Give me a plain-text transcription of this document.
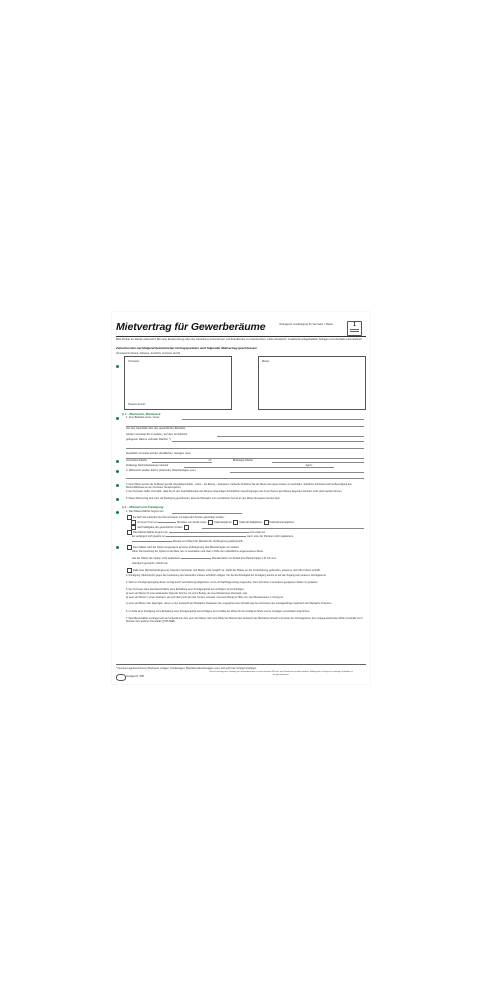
Mietvertrag für Gewerberäume	Vertrags-Nr. Ausfertigung für Vermieter / Mieter	1
Bitte Punkte am Rande ankreuzen! Bei einer Entsprechung oder eine Streichung vorzunehmen und Zutreffendes zu unterstreichen. Falls erforderlich, zusätzliche Anlagebelätter beifügen und ebenfalls unterzeichnen.
Zwischen den nachfolgend bezeichneten Vertragsparteien wird folgender Mietvertrag geschlossen:
Vermieter/in (Name, Adresse, Anschrift, vertreten durch)
Vermieter:
Steuernummer:
Mieter:
§ 1 – Mietsache, Mietzweck
1. Zum Betriebe einer / eines
(Art des Geschäfts oder des gewerblichen Betriebs)
werden vermietet die im Hause / auf dem Grundstück
gelegenen Räume und/oder Flächen *)
Zusätzlich vermietet werden (Freiflächen, Garagen usw.)
Vermietete Fläche	m²	Befestigte Fläche
Zulässige Deckenbelastung maximal	kg/m²
2. Mitbenutzt werden dürfen (Fahrstuhl, Waschanlagen usw.)
3. Dem Mieter werden die Schlüssel gemäß Übergabeprotokoll – sofort – bei Einzug – übergeben. Fehlende Schlüssel hat der Mieter auf eigene Kosten zu beschaffen. Sämtliche Schlüssel sind bei Beendigung des Mietverhältnisses an den Vermieter herauszugeben.
4. Der Vermieter haftet nicht dafür, dass die für den Geschäftsbetrieb des Mieters notwendigen behördlichen Genehmigungen aus in der Person des Mieters liegenden Gründen nicht erteilt werden können.
5. Dieser Mietvertrag wird unter der Bedingung geschlossen, dass die Mietsache zum vereinbarten Termin an den Mieter übergeben werden kann.
§ 2 – Mietzeit und Kündigung
1. Das Mietverhältnis beginnt am
Es läuft auf unbestimmte Zeit und kann mit folgenden Fristen gekündigt werden:
mit einer Frist von	Monaten zum Ende eines	Kalenderjahres	Kalenderhalbjahres	Kalendervierteljahres
nach Maßgabe der gesetzlichen Fristen
Das Mietverhältnis beginnt am	und endet am
Es verlängert sich jeweils um	wenn eine der Parteien nicht spätestens
Monate vor Ablauf der Mietzeit der Verlängerung widerspricht.
Dem Mieter wird die Option eingeräumt auf eine Verlängerung des Mietvertrages um weitere
Jahre. Bei Ausübung der Option ist die Miete neu zu vereinbaren und zwar in Höhe der marktüblichen angemessenen Miete.
Hat der Mieter die Option nicht spätestens	Monate/Jahre vor Ablauf des Mietvertrages z.B. bis zum
Gebrauch gemacht, erlischt sie.
Falls eine Mietzeitverlängerung zwischen Vermieter und Mieter nicht möglich ist, bleibt der Mieter an die Vereinbarung gebunden, soweit er nicht die Fristen einhält.
3. Kündigung, Widerspruch gegen die Fortsetzung des Gebrauchs müssen schriftlich erfolgen. Für die Rechtzeitigkeit der Kündigung kommt es auf den Zugang beim anderen Vertragsteil an.
4. Wird vor Kündigungszugang dieser Vertrag durch Vereinbarung aufgehoben, so ist ein Nachfolgevertrag vorgesehen. Dem Vermieter und anderen geeigneten Stellen zu gestatten.
5. Der Vermieter kann das Mietverhältnis ohne Einhaltung einer Kündigungsfrist aus wichtigem Grund kündigen:
a) wenn der Mieter für zwei aufeinander folgende Termine mit einem Betrag, der eine Monatsmiete übersteigt, oder
b) wenn der Mieter in einem Zeitraum, der sich über mehr als zwei Termine erstreckt, mit einem Betrag in Höhe von zwei Monatsmieten in Verzug ist,
c) wenn der Mieter oder diejenigen, denen er den Gebrauch der Mietsache überlassen hat, ungeachtet einer Abmahnung des Vermieters den vertragswidrigen Gebrauch der Mietsache fortsetzen.
6. Im Falle einer Kündigung ohne Einhaltung einer Kündigungsfrist aus wichtigem Grund haftet der Mieter für den Ausfall an Miete und an sonstigen vereinbarten Ansprüchen.
7. Das Mietverhältnis verlängert sich auf unbestimmte Zeit, wenn der Mieter nach dem Ablauf der Mietzeit den Gebrauch der Mietsache fortsetzt und weder der Vertragspartner dem entgegenstehenden Willen innerhalb von 2 Wochen dem anderen Teil erklärt (§ 545 BGB).
*) Genaue Lagebezeichnung (Stockwerk, Anlagen, Nordansagen, Plan/Alternative/Gesagten usw.) sind auch hier Vertrag beizufügen.
Verlags-Nr. 558
Diese Fassung des Vertrags für Gewerberäume ist nach bestem Wissen und Gewissen erstellt worden. Haftung des Verlags für etwaige Schäden ist ausgeschlossen.
